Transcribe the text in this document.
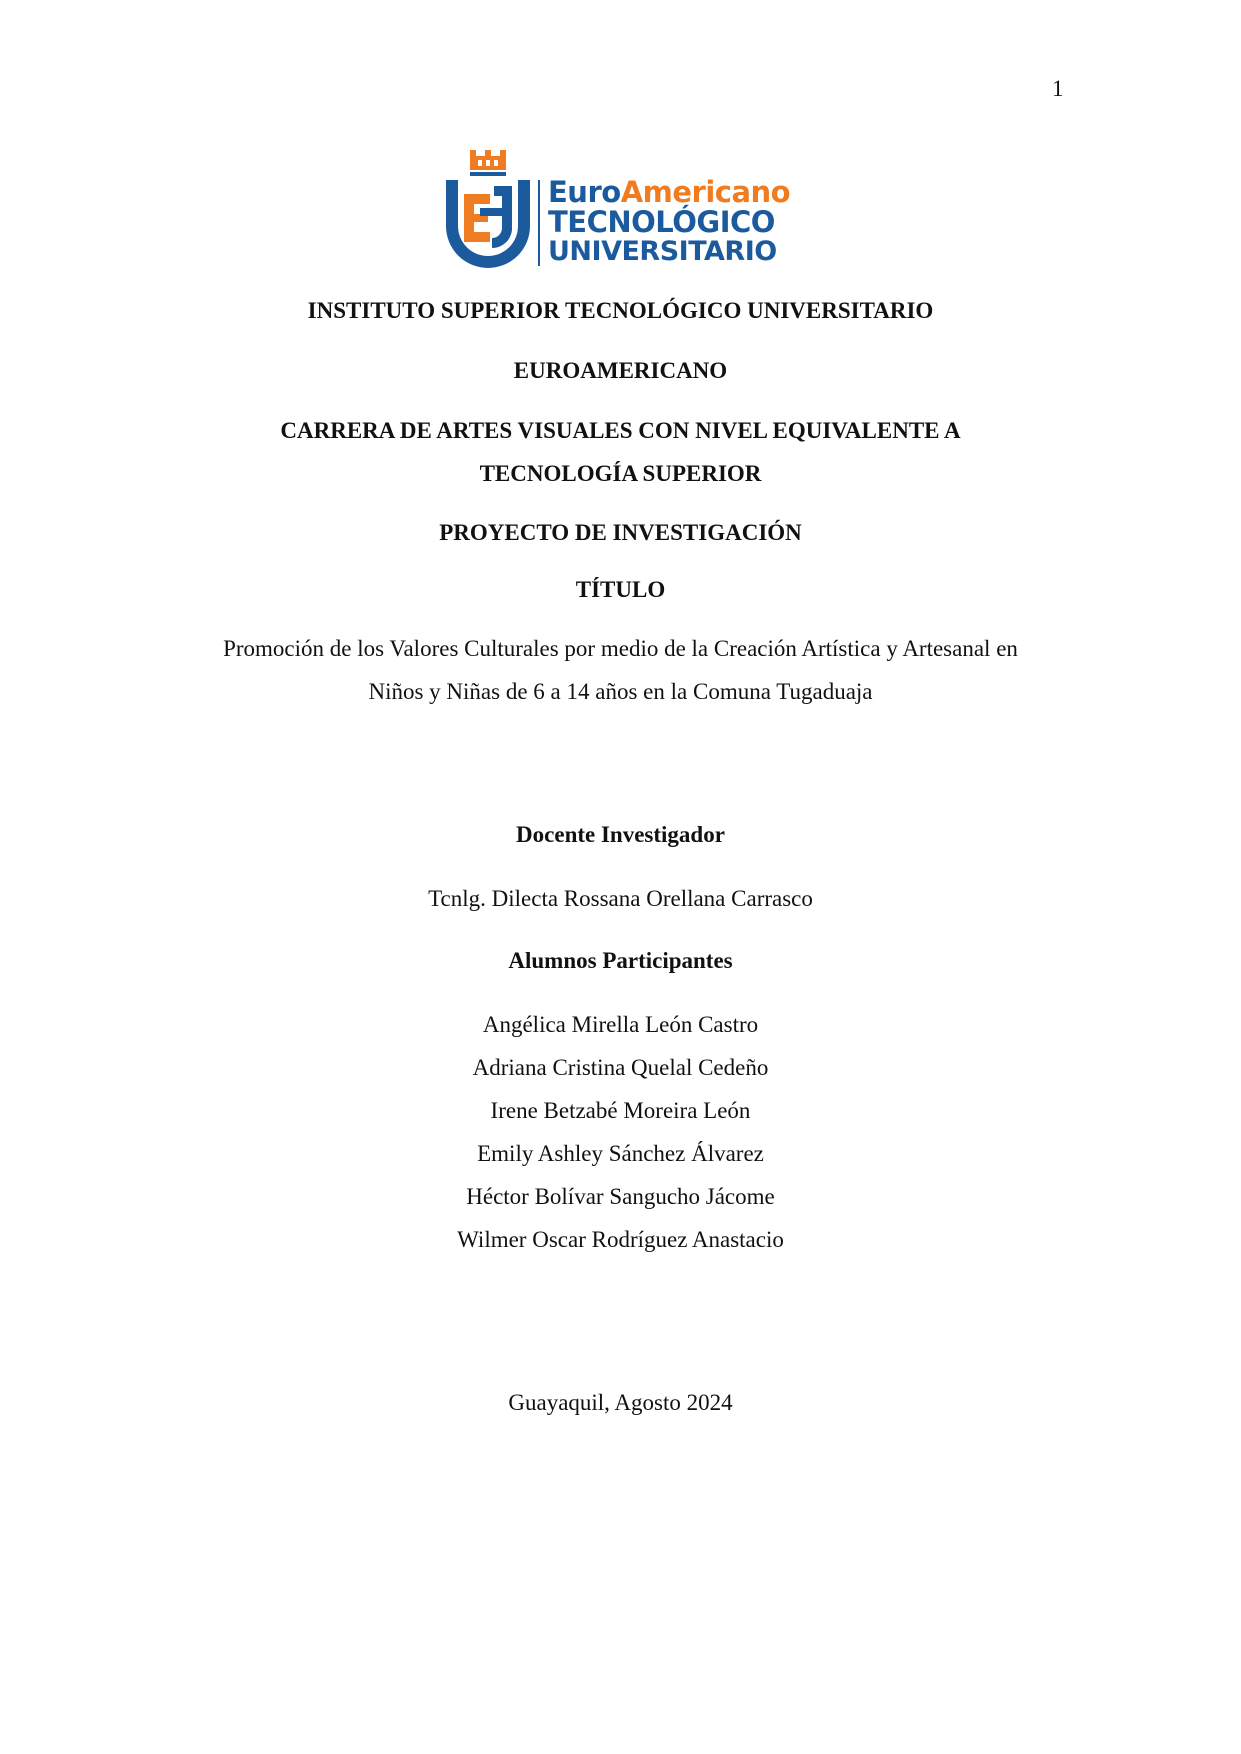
1
EuroAmericano
TECNOLÓGICO
UNIVERSITARIO
INSTITUTO SUPERIOR TECNOLÓGICO UNIVERSITARIO
EUROAMERICANO
CARRERA DE ARTES VISUALES CON NIVEL EQUIVALENTE A
TECNOLOGÍA SUPERIOR
PROYECTO DE INVESTIGACIÓN
TÍTULO
Promoción de los Valores Culturales por medio de la Creación Artística y Artesanal en
Niños y Niñas de 6 a 14 años en la Comuna Tugaduaja
Docente Investigador
Tcnlg. Dilecta Rossana Orellana Carrasco
Alumnos Participantes
Angélica Mirella León Castro
Adriana Cristina Quelal Cedeño
Irene Betzabé Moreira León
Emily Ashley Sánchez Álvarez
Héctor Bolívar Sangucho Jácome
Wilmer Oscar Rodríguez Anastacio
Guayaquil, Agosto 2024
